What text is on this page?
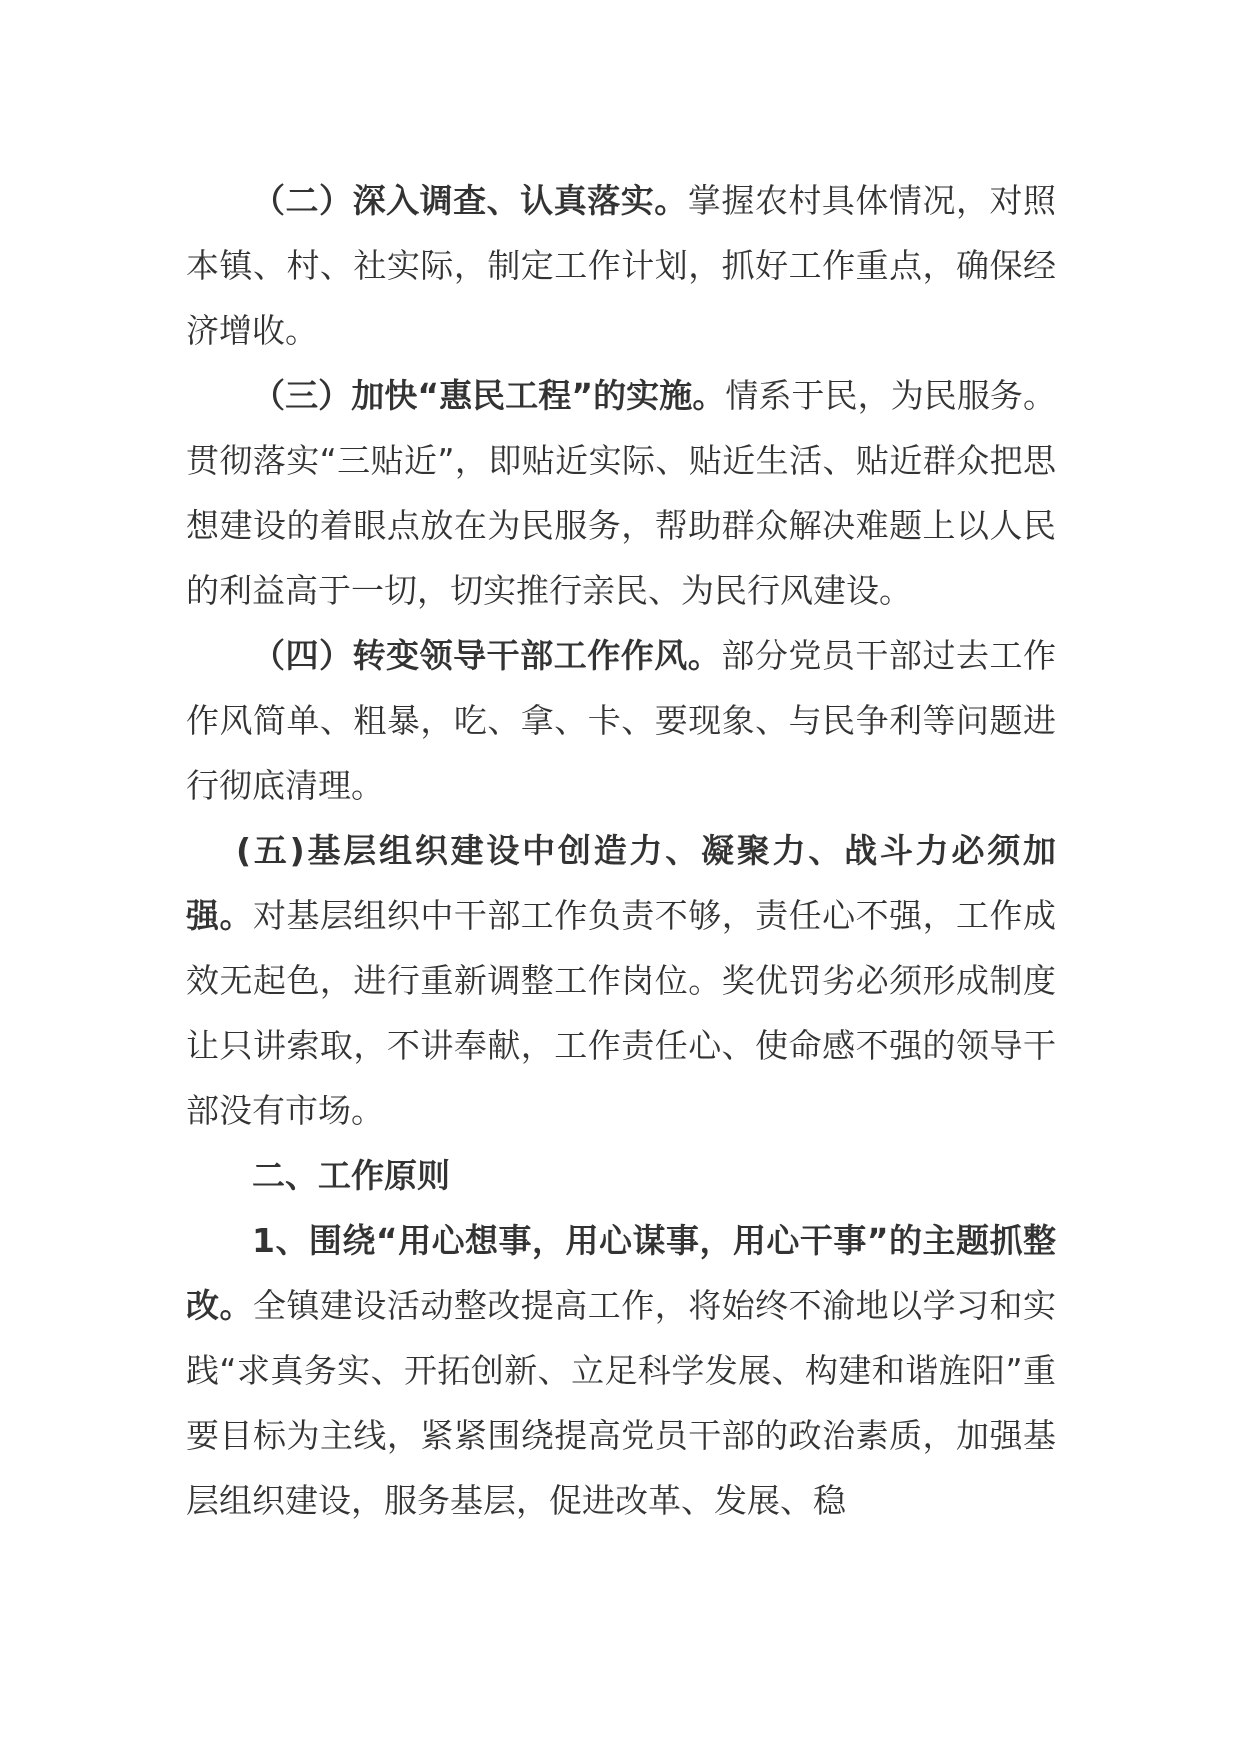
（二）深入调查、认真落实。掌握农村具体情况，对照本镇、村、社实际，制定工作计划，抓好工作重点，确保经济增收。

（三）加快“惠民工程”的实施。情系于民，为民服务。贯彻落实“三贴近”，即贴近实际、贴近生活、贴近群众把思想建设的着眼点放在为民服务，帮助群众解决难题上以人民的利益高于一切，切实推行亲民、为民行风建设。

（四）转变领导干部工作作风。部分党员干部过去工作作风简单、粗暴，吃、拿、卡、要现象、与民争利等问题进行彻底清理。

(五)基层组织建设中创造力、凝聚力、战斗力必须加强。对基层组织中干部工作负责不够，责任心不强，工作成效无起色，进行重新调整工作岗位。奖优罚劣必须形成制度让只讲索取，不讲奉献，工作责任心、使命感不强的领导干部没有市场。

二、工作原则

1、围绕“用心想事，用心谋事，用心干事”的主题抓整改。全镇建设活动整改提高工作，将始终不渝地以学习和实践“求真务实、开拓创新、立足科学发展、构建和谐旌阳”重要目标为主线，紧紧围绕提高党员干部的政治素质，加强基层组织建设，服务基层，促进改革、发展、稳
